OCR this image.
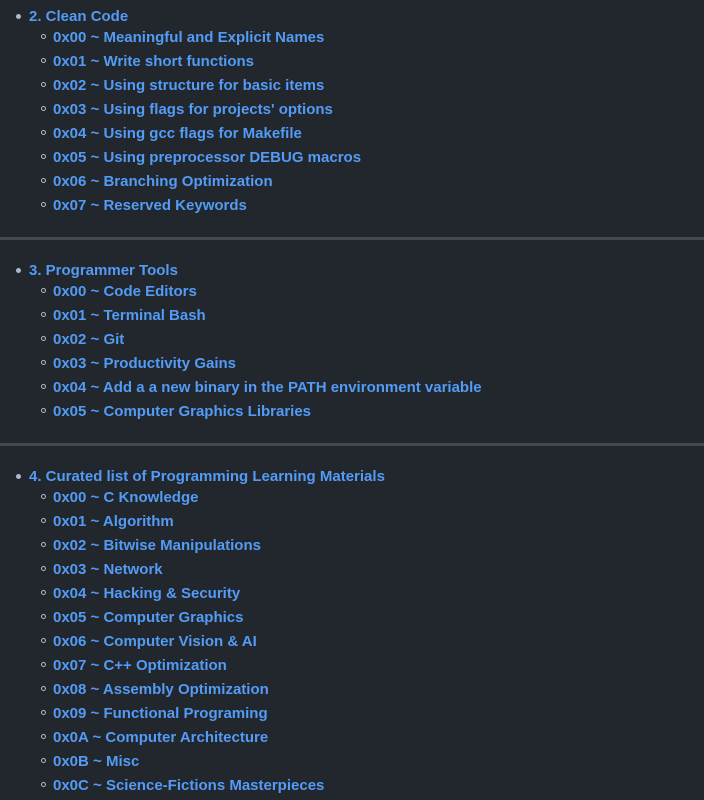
2. Clean Code
0x00 ~ Meaningful and Explicit Names
0x01 ~ Write short functions
0x02 ~ Using structure for basic items
0x03 ~ Using flags for projects' options
0x04 ~ Using gcc flags for Makefile
0x05 ~ Using preprocessor DEBUG macros
0x06 ~ Branching Optimization
0x07 ~ Reserved Keywords
3. Programmer Tools
0x00 ~ Code Editors
0x01 ~ Terminal Bash
0x02 ~ Git
0x03 ~ Productivity Gains
0x04 ~ Add a a new binary in the PATH environment variable
0x05 ~ Computer Graphics Libraries
4. Curated list of Programming Learning Materials
0x00 ~ C Knowledge
0x01 ~ Algorithm
0x02 ~ Bitwise Manipulations
0x03 ~ Network
0x04 ~ Hacking & Security
0x05 ~ Computer Graphics
0x06 ~ Computer Vision & AI
0x07 ~ C++ Optimization
0x08 ~ Assembly Optimization
0x09 ~ Functional Programing
0x0A ~ Computer Architecture
0x0B ~ Misc
0x0C ~ Science-Fictions Masterpieces
